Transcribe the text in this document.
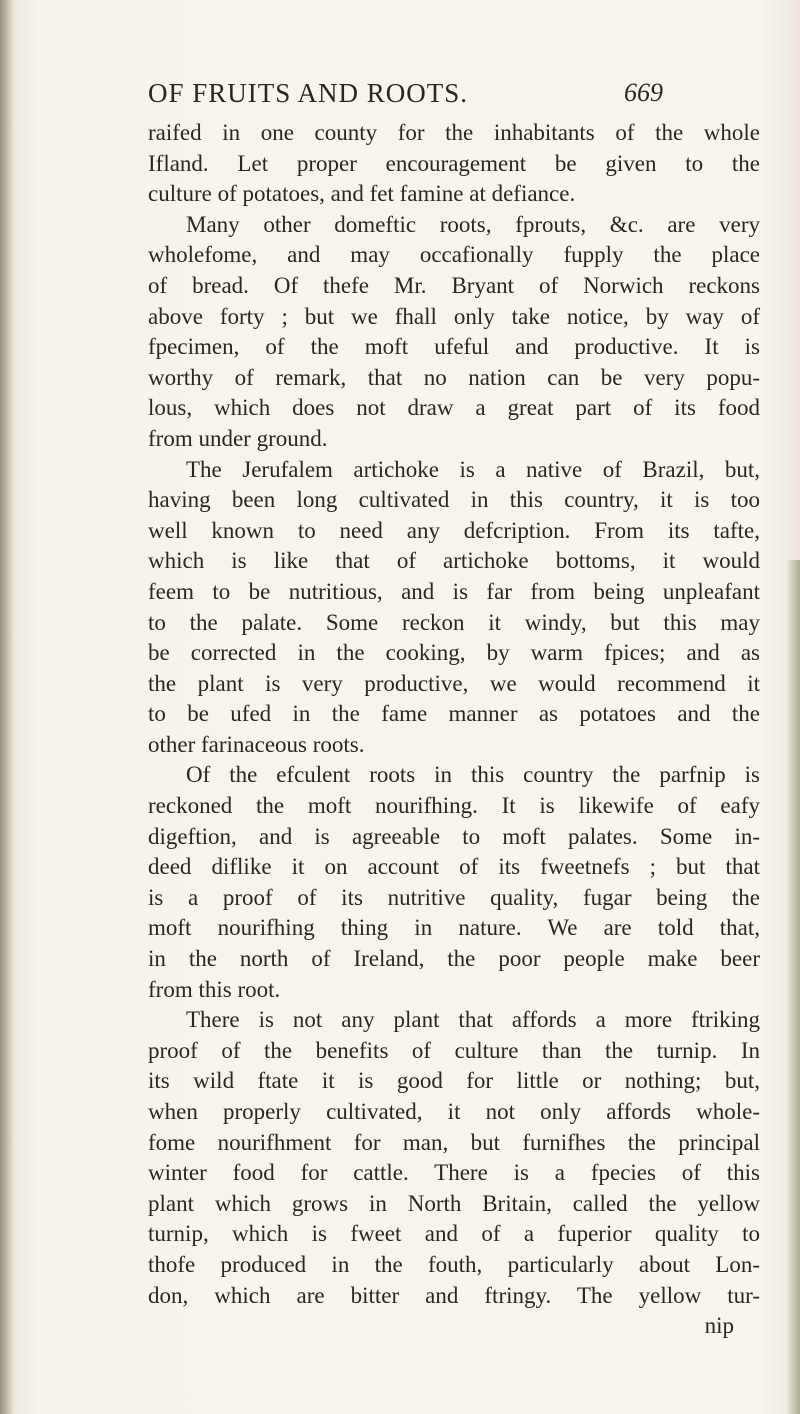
OF FRUITS AND ROOTS.	669
raifed in one county for the inhabitants of the whole
Ifland. Let proper encouragement be given to the
culture of potatoes, and fet famine at defiance.
Many other domeftic roots, fprouts, &c. are very
wholefome, and may occafionally fupply the place
of bread. Of thefe Mr. Bryant of Norwich reckons
above forty ; but we fhall only take notice, by way of
fpecimen, of the moft ufeful and productive. It is
worthy of remark, that no nation can be very popu-
lous, which does not draw a great part of its food
from under ground.
The Jerufalem artichoke is a native of Brazil, but,
having been long cultivated in this country, it is too
well known to need any defcription. From its tafte,
which is like that of artichoke bottoms, it would
feem to be nutritious, and is far from being unpleafant
to the palate. Some reckon it windy, but this may
be corrected in the cooking, by warm fpices; and as
the plant is very productive, we would recommend it
to be ufed in the fame manner as potatoes and the
other farinaceous roots.
Of the efculent roots in this country the parfnip is
reckoned the moft nourifhing. It is likewife of eafy
digeftion, and is agreeable to moft palates. Some in-
deed diflike it on account of its fweetnefs ; but that
is a proof of its nutritive quality, fugar being the
moft nourifhing thing in nature. We are told that,
in the north of Ireland, the poor people make beer
from this root.
There is not any plant that affords a more ftriking
proof of the benefits of culture than the turnip. In
its wild ftate it is good for little or nothing; but,
when properly cultivated, it not only affords whole-
fome nourifhment for man, but furnifhes the principal
winter food for cattle. There is a fpecies of this
plant which grows in North Britain, called the yellow
turnip, which is fweet and of a fuperior quality to
thofe produced in the fouth, particularly about Lon-
don, which are bitter and ftringy. The yellow tur-
nip
